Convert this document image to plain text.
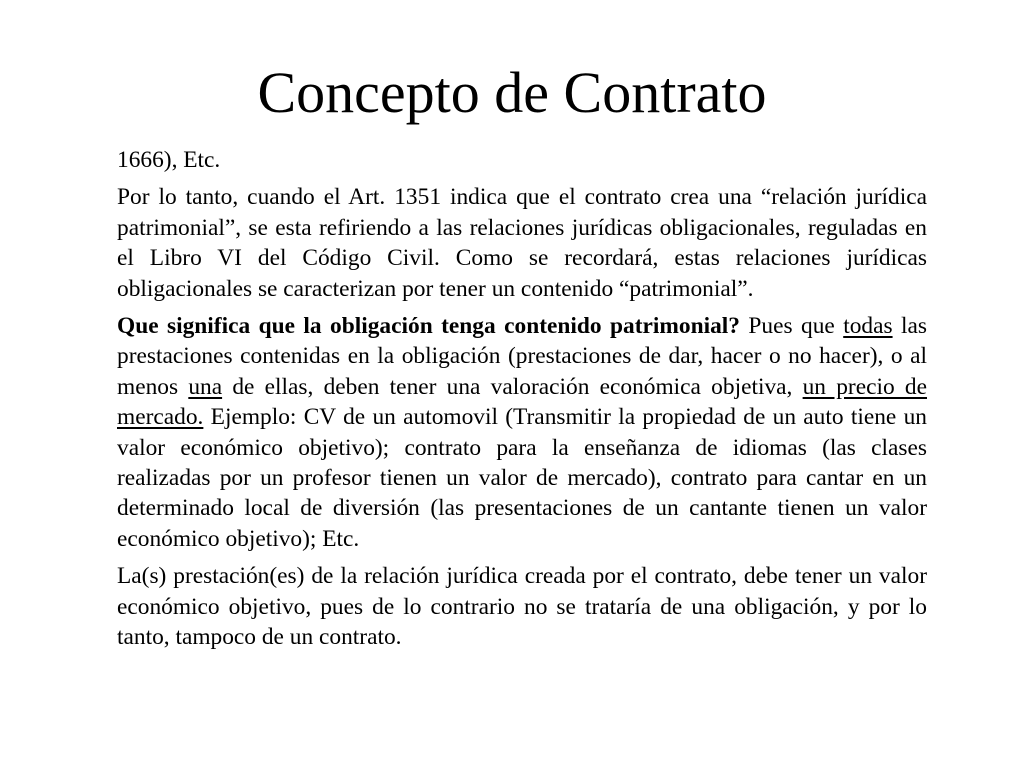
Concepto de Contrato

1666), Etc.

Por lo tanto, cuando el Art. 1351 indica que el contrato crea una “relación jurídica patrimonial”, se esta refiriendo a las relaciones jurídicas obligacionales, reguladas en el Libro VI del Código Civil. Como se recordará, estas relaciones jurídicas obligacionales se caracterizan por tener un contenido “patrimonial”.

Que significa que la obligación tenga contenido patrimonial? Pues que todas las prestaciones contenidas en la obligación (prestaciones de dar, hacer o no hacer), o al menos una de ellas, deben tener una valoración económica objetiva, un precio de mercado. Ejemplo: CV de un automovil (Transmitir la propiedad de un auto tiene un valor económico objetivo); contrato para la enseñanza de idiomas (las clases realizadas por un profesor tienen un valor de mercado), contrato para cantar en un determinado local de diversión (las presentaciones de un cantante tienen un valor económico objetivo); Etc.

La(s) prestación(es) de la relación jurídica creada por el contrato, debe tener un valor económico objetivo, pues de lo contrario no se trataría de una obligación, y por lo tanto, tampoco de un contrato.
